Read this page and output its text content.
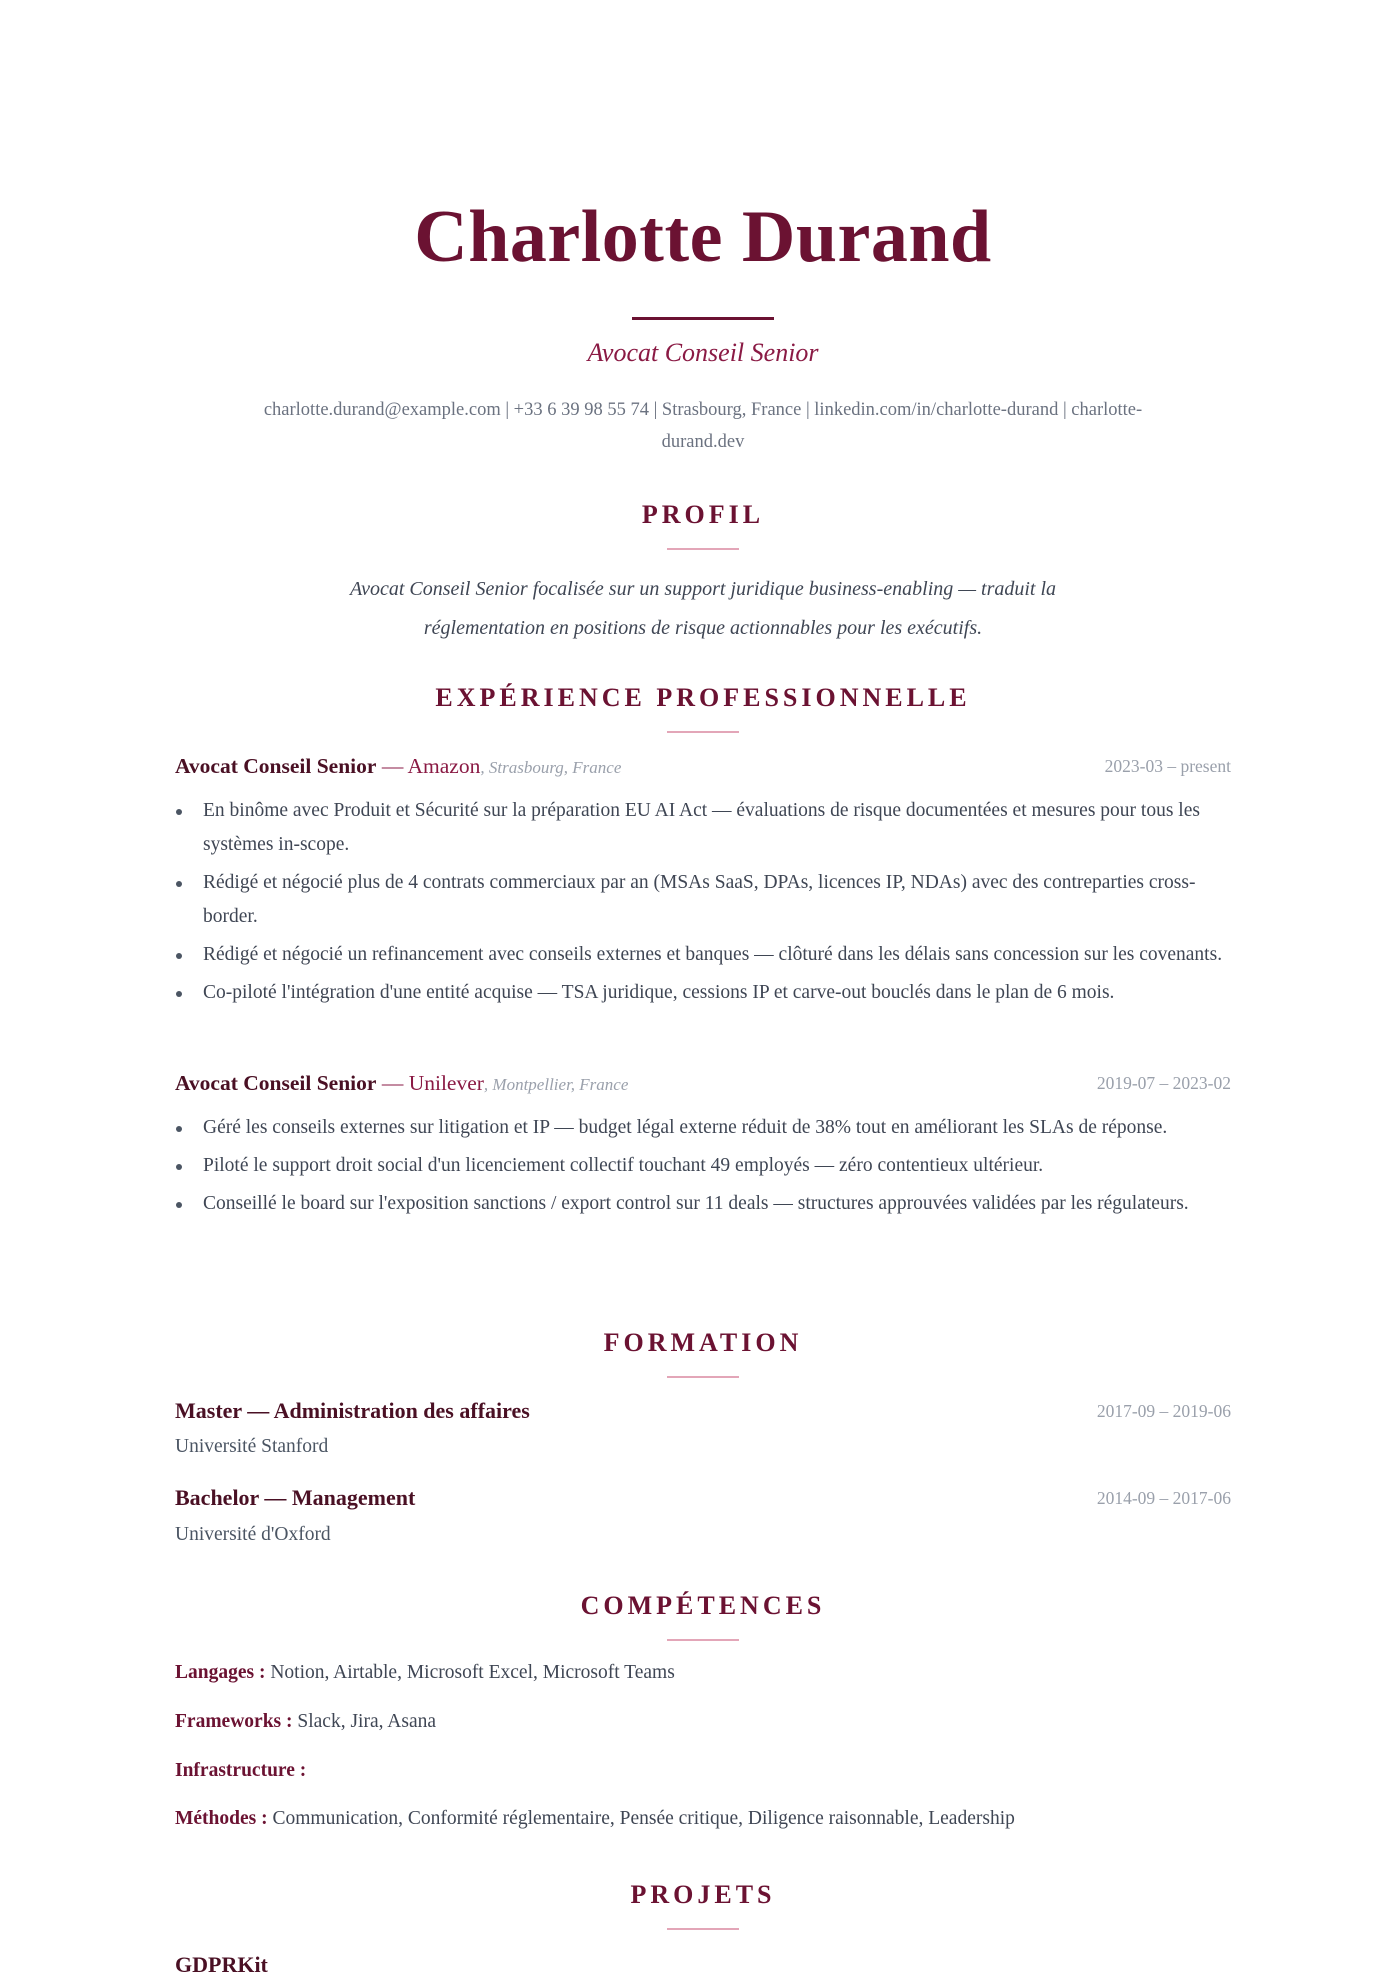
Charlotte Durand
Avocat Conseil Senior
charlotte.durand@example.com | +33 6 39 98 55 74 | Strasbourg, France | linkedin.com/in/charlotte-durand | charlotte-
durand.dev
PROFIL
Avocat Conseil Senior focalisée sur un support juridique business-enabling — traduit la
réglementation en positions de risque actionnables pour les exécutifs.
EXPÉRIENCE PROFESSIONNELLE
Avocat Conseil Senior — Amazon, Strasbourg, France	2023-03 – present
En binôme avec Produit et Sécurité sur la préparation EU AI Act — évaluations de risque documentées et mesures pour tous les systèmes in-scope.
Rédigé et négocié plus de 4 contrats commerciaux par an (MSAs SaaS, DPAs, licences IP, NDAs) avec des contreparties cross-border.
Rédigé et négocié un refinancement avec conseils externes et banques — clôturé dans les délais sans concession sur les covenants.
Co-piloté l'intégration d'une entité acquise — TSA juridique, cessions IP et carve-out bouclés dans le plan de 6 mois.
Avocat Conseil Senior — Unilever, Montpellier, France	2019-07 – 2023-02
Géré les conseils externes sur litigation et IP — budget légal externe réduit de 38% tout en améliorant les SLAs de réponse.
Piloté le support droit social d'un licenciement collectif touchant 49 employés — zéro contentieux ultérieur.
Conseillé le board sur l'exposition sanctions / export control sur 11 deals — structures approuvées validées par les régulateurs.
FORMATION
Master — Administration des affaires	2017-09 – 2019-06
Université Stanford
Bachelor — Management	2014-09 – 2017-06
Université d'Oxford
COMPÉTENCES
Langages : Notion, Airtable, Microsoft Excel, Microsoft Teams
Frameworks : Slack, Jira, Asana
Infrastructure :
Méthodes : Communication, Conformité réglementaire, Pensée critique, Diligence raisonnable, Leadership
PROJETS
GDPRKit
